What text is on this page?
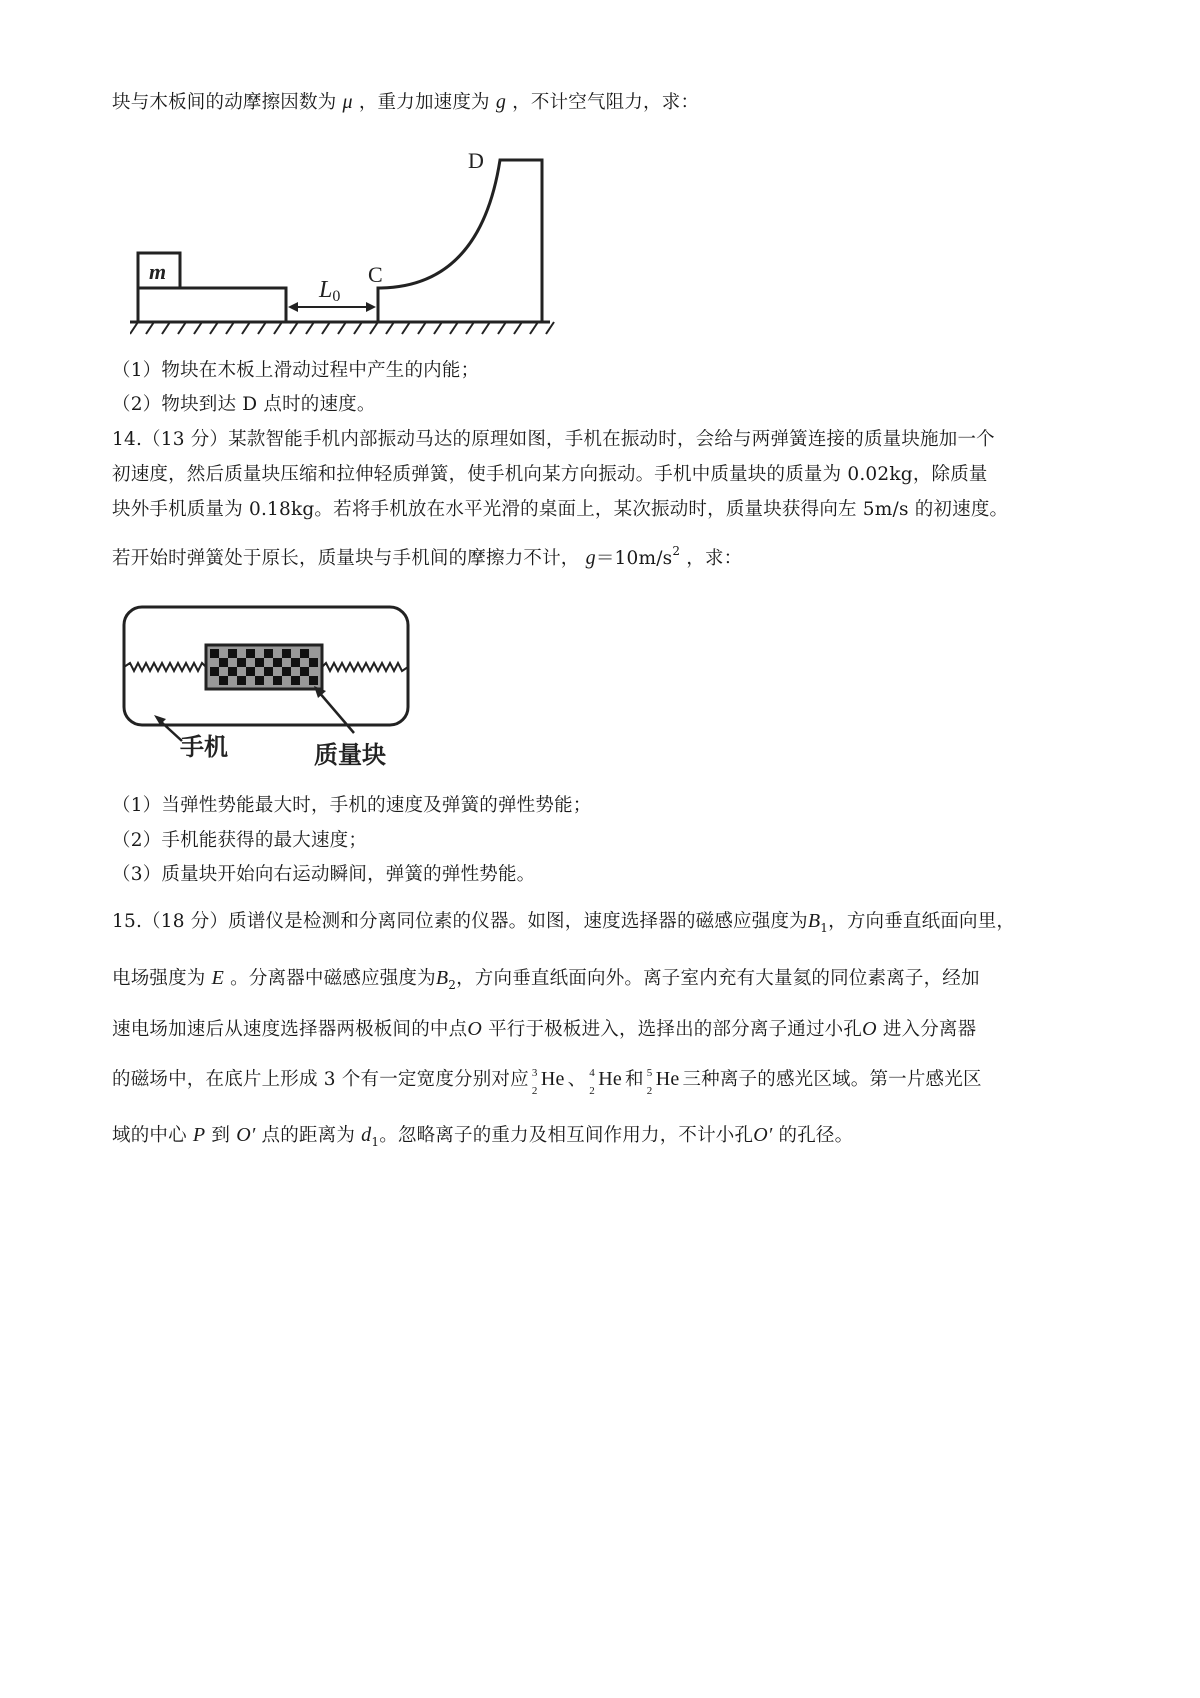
块与木板间的动摩擦因数为 μ ，重力加速度为 g ，不计空气阻力，求：
m
L0
C
D
（1）物块在木板上滑动过程中产生的内能；
（2）物块到达 D 点时的速度。
14.（13 分）某款智能手机内部振动马达的原理如图，手机在振动时，会给与两弹簧连接的质量块施加一个
初速度，然后质量块压缩和拉伸轻质弹簧，使手机向某方向振动。手机中质量块的质量为 0.02kg，除质量
块外手机质量为 0.18kg。若将手机放在水平光滑的桌面上，某次振动时，质量块获得向左 5m/s 的初速度。
若开始时弹簧处于原长，质量块与手机间的摩擦力不计， $g=10m/s^2$ ，求：
手机	质量块
（1）当弹性势能最大时，手机的速度及弹簧的弹性势能；
（2）手机能获得的最大速度；
（3）质量块开始向右运动瞬间，弹簧的弹性势能。
15.（18 分）质谱仪是检测和分离同位素的仪器。如图，速度选择器的磁感应强度为$B_1$，方向垂直纸面向里，
电场强度为 E 。分离器中磁感应强度为$B_2$，方向垂直纸面向外。离子室内充有大量氦的同位素离子，经加
速电场加速后从速度选择器两极板间的中点O 平行于极板进入，选择出的部分离子通过小孔O 进入分离器
的磁场中，在底片上形成 3 个有一定宽度分别对应 3
2
He 、 4
2
He 和 5
2
He 三种离子的感光区域。第一片感光区
域的中心 P 到 O′ 点的距离为 $d_1$。忽略离子的重力及相互间作用力，不计小孔O′ 的孔径。
